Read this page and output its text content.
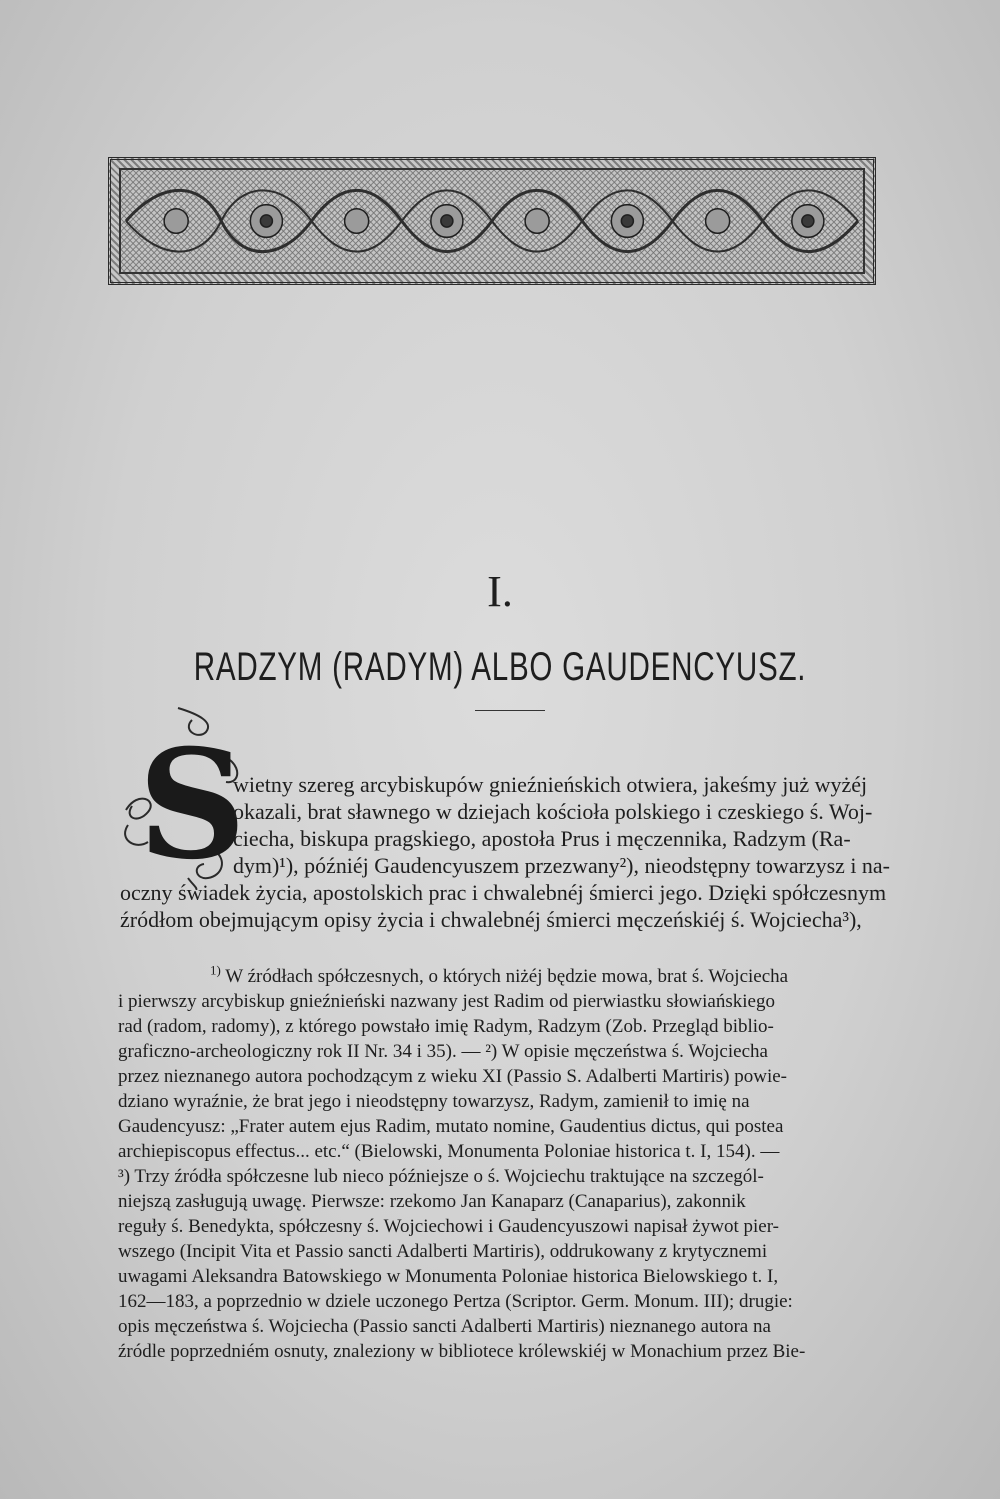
I.
RADZYM (RADYM) ALBO GAUDENCYUSZ.
S
wietny szereg arcybiskupów gnieźnieńskich otwiera, jakeśmy już wyżéj
okazali, brat sławnego w dziejach kościoła polskiego i czeskiego ś. Woj-
ciecha, biskupa pragskiego, apostoła Prus i męczennika, Radzym (Ra-
dym)¹), późniéj Gaudencyuszem przezwany²), nieodstępny towarzysz i na-
oczny świadek życia, apostolskich prac i chwalebnéj śmierci jego. Dzięki spółczesnym
źródłom obejmującym opisy życia i chwalebnéj śmierci męczeńskiéj ś. Wojciecha³),
$^{1)}$ W źródłach spółczesnych, o których niżéj będzie mowa, brat ś. Wojciecha
i pierwszy arcybiskup gnieźnieński nazwany jest Radim od pierwiastku słowiańskiego
rad (radom, radomy), z którego powstało imię Radym, Radzym (Zob. Przegląd biblio-
graficzno-archeologiczny rok II Nr. 34 i 35). — ²) W opisie męczeństwa ś. Wojciecha
przez nieznanego autora pochodzącym z wieku XI (Passio S. Adalberti Martiris) powie-
dziano wyraźnie, że brat jego i nieodstępny towarzysz, Radym, zamienił to imię na
Gaudencyusz: „Frater autem ejus Radim, mutato nomine, Gaudentius dictus, qui postea
archiepiscopus effectus... etc.“ (Bielowski, Monumenta Poloniae historica t. I, 154). —
³) Trzy źródła spółczesne lub nieco późniejsze o ś. Wojciechu traktujące na szczegól-
niejszą zasługują uwagę. Pierwsze: rzekomo Jan Kanaparz (Canaparius), zakonnik
reguły ś. Benedykta, spółczesny ś. Wojciechowi i Gaudencyuszowi napisał żywot pier-
wszego (Incipit Vita et Passio sancti Adalberti Martiris), oddrukowany z krytycznemi
uwagami Aleksandra Batowskiego w Monumenta Poloniae historica Bielowskiego t. I,
162—183, a poprzednio w dziele uczonego Pertza (Scriptor. Germ. Monum. III); drugie:
opis męczeństwa ś. Wojciecha (Passio sancti Adalberti Martiris) nieznanego autora na
źródle poprzedniém osnuty, znaleziony w bibliotece królewskiéj w Monachium przez Bie-
